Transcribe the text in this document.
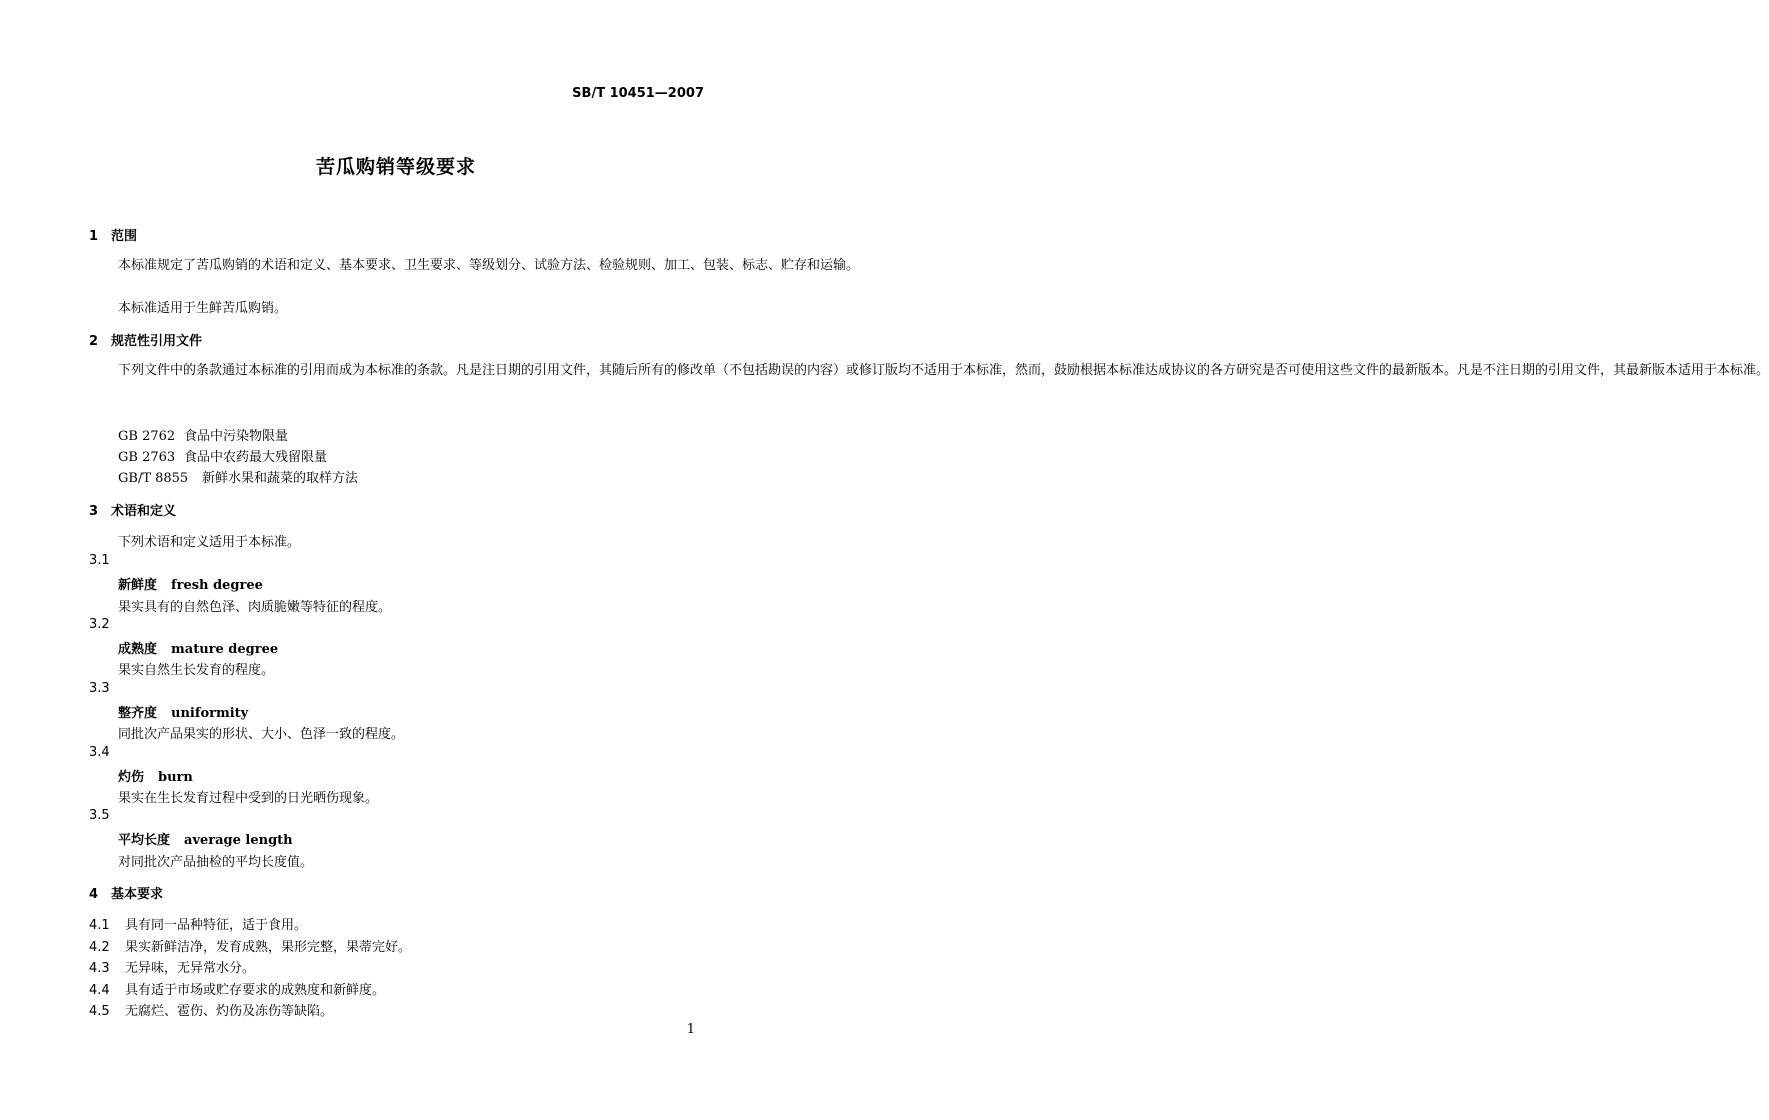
SB/T 10451—2007
苦瓜购销等级要求
1 范围
本标准规定了苦瓜购销的术语和定义、基本要求、卫生要求、等级划分、试验方法、检验规则、加工、包装、标志、贮存和运输。
本标准适用于生鲜苦瓜购销。
2 规范性引用文件
下列文件中的条款通过本标准的引用而成为本标准的条款。凡是注日期的引用文件，其随后所有的修改单（不包括勘误的内容）或修订版均不适用于本标准，然而，鼓励根据本标准达成协议的各方研究是否可使用这些文件的最新版本。凡是不注日期的引用文件，其最新版本适用于本标准。
GB 2762 食品中污染物限量
GB 2763 食品中农药最大残留限量
GB/T 8855 新鲜水果和蔬菜的取样方法
3 术语和定义
下列术语和定义适用于本标准。
3.1
新鲜度 fresh degree
果实具有的自然色泽、肉质脆嫩等特征的程度。
3.2
成熟度 mature degree
果实自然生长发育的程度。
3.3
整齐度 uniformity
同批次产品果实的形状、大小、色泽一致的程度。
3.4
灼伤 burn
果实在生长发育过程中受到的日光晒伤现象。
3.5
平均长度 average length
对同批次产品抽检的平均长度值。
4 基本要求
4.1 具有同一品种特征，适于食用。
4.2 果实新鲜洁净，发育成熟，果形完整，果蒂完好。
4.3 无异味，无异常水分。
4.4 具有适于市场或贮存要求的成熟度和新鲜度。
4.5 无腐烂、雹伤、灼伤及冻伤等缺陷。
1
